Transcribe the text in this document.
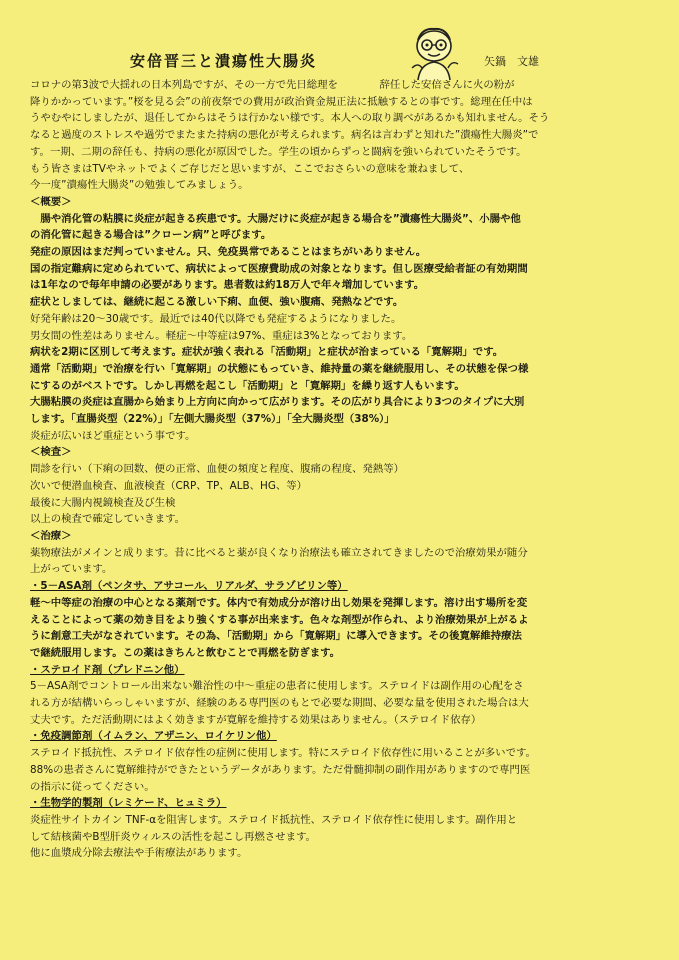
安倍晋三と潰瘍性大腸炎	矢鍋　文雄

コロナの第3波で大揺れの日本列島ですが、その一方で先日総理を　　　　辞任した安倍さんに火の粉が

降りかかっています。”桜を見る会”の前夜祭での費用が政治資金規正法に抵触するとの事です。総理在任中は

うやむやにしましたが、退任してからはそうは行かない様です。本人への取り調べがあるかも知れません。そう

なると過度のストレスや過労でまたまた持病の悪化が考えられます。病名は言わずと知れた”潰瘍性大腸炎”で

す。一期、二期の辞任も、持病の悪化が原因でした。学生の頃からずっと闘病を強いられていたそうです。

もう皆さまはTVやネットでよくご存じだと思いますが、ここでおさらいの意味を兼ねまして、

今一度”潰瘍性大腸炎”の勉強してみましょう。

＜概要＞

　腸や消化管の粘膜に炎症が起きる疾患です。大腸だけに炎症が起きる場合を”潰瘍性大腸炎”、小腸や他

の消化管に起きる場合は”クローン病”と呼びます。

発症の原因はまだ判っていません。只、免疫異常であることはまちがいありません。

国の指定難病に定められていて、病状によって医療費助成の対象となります。但し医療受給者証の有効期間

は1年なので毎年申請の必要があります。患者数は約18万人で年々増加しています。

症状としましては、継続に起こる激しい下痢、血便、強い腹痛、発熱などです。

好発年齢は20〜30歳です。最近では40代以降でも発症するようになりました。

男女間の性差はありません。軽症〜中等症は97%、重症は3%となっております。

病状を2期に区別して考えます。症状が強く表れる「活動期」と症状が治まっている「寛解期」です。

通常「活動期」で治療を行い「寛解期」の状態にもっていき、維持量の薬を継続服用し、その状態を保つ様

にするのがベストです。しかし再燃を起こし「活動期」と「寛解期」を繰り返す人もいます。

大腸粘膜の炎症は直腸から始まり上方向に向かって広がります。その広がり具合により3つのタイプに大別

します。「直腸炎型（22%）」「左側大腸炎型（37%）」「全大腸炎型（38%）」

炎症が広いほど重症という事です。

＜検査＞

問診を行い（下痢の回数、便の正常、血便の頻度と程度、腹痛の程度、発熱等）

次いで便潜血検査、血液検査（CRP、TP、ALB、HG、等）

最後に大腸内視鏡検査及び生検

以上の検査で確定していきます。

＜治療＞

薬物療法がメインと成ります。昔に比べると薬が良くなり治療法も確立されてきましたので治療効果が随分

上がっています。

・5－ASA剤（ペンタサ、アサコール、リアルダ、サラゾピリン等）

軽〜中等症の治療の中心となる薬剤です。体内で有効成分が溶け出し効果を発揮します。溶け出す場所を変

えることによって薬の効き目をより強くする事が出来ます。色々な剤型が作られ、より治療効果が上がるよ

うに創意工夫がなされています。その為、「活動期」から「寛解期」に導入できます。その後寛解維持療法

で継続服用します。この薬はきちんと飲むことで再燃を防ぎます。

・ステロイド剤（プレドニン他）

5－ASA剤でコントロール出来ない難治性の中〜重症の患者に使用します。ステロイドは副作用の心配をさ

れる方が結構いらっしゃいますが、経験のある専門医のもとで必要な期間、必要な量を使用された場合は大

丈夫です。ただ活動期にはよく効きますが寛解を維持する効果はありません。（ステロイド依存）

・免疫調節剤（イムラン、アザニン、ロイケリン他）

ステロイド抵抗性、ステロイド依存性の症例に使用します。特にステロイド依存性に用いることが多いです。

88%の患者さんに寛解維持ができたというデータがあります。ただ骨髄抑制の副作用がありますので専門医

の指示に従ってください。

・生物学的製剤（レミケード、ヒュミラ）

炎症性サイトカイン TNF-αを阻害します。ステロイド抵抗性、ステロイド依存性に使用します。副作用と

して結核菌やB型肝炎ウィルスの活性を起こし再燃させます。

他に血漿成分除去療法や手術療法があります。
